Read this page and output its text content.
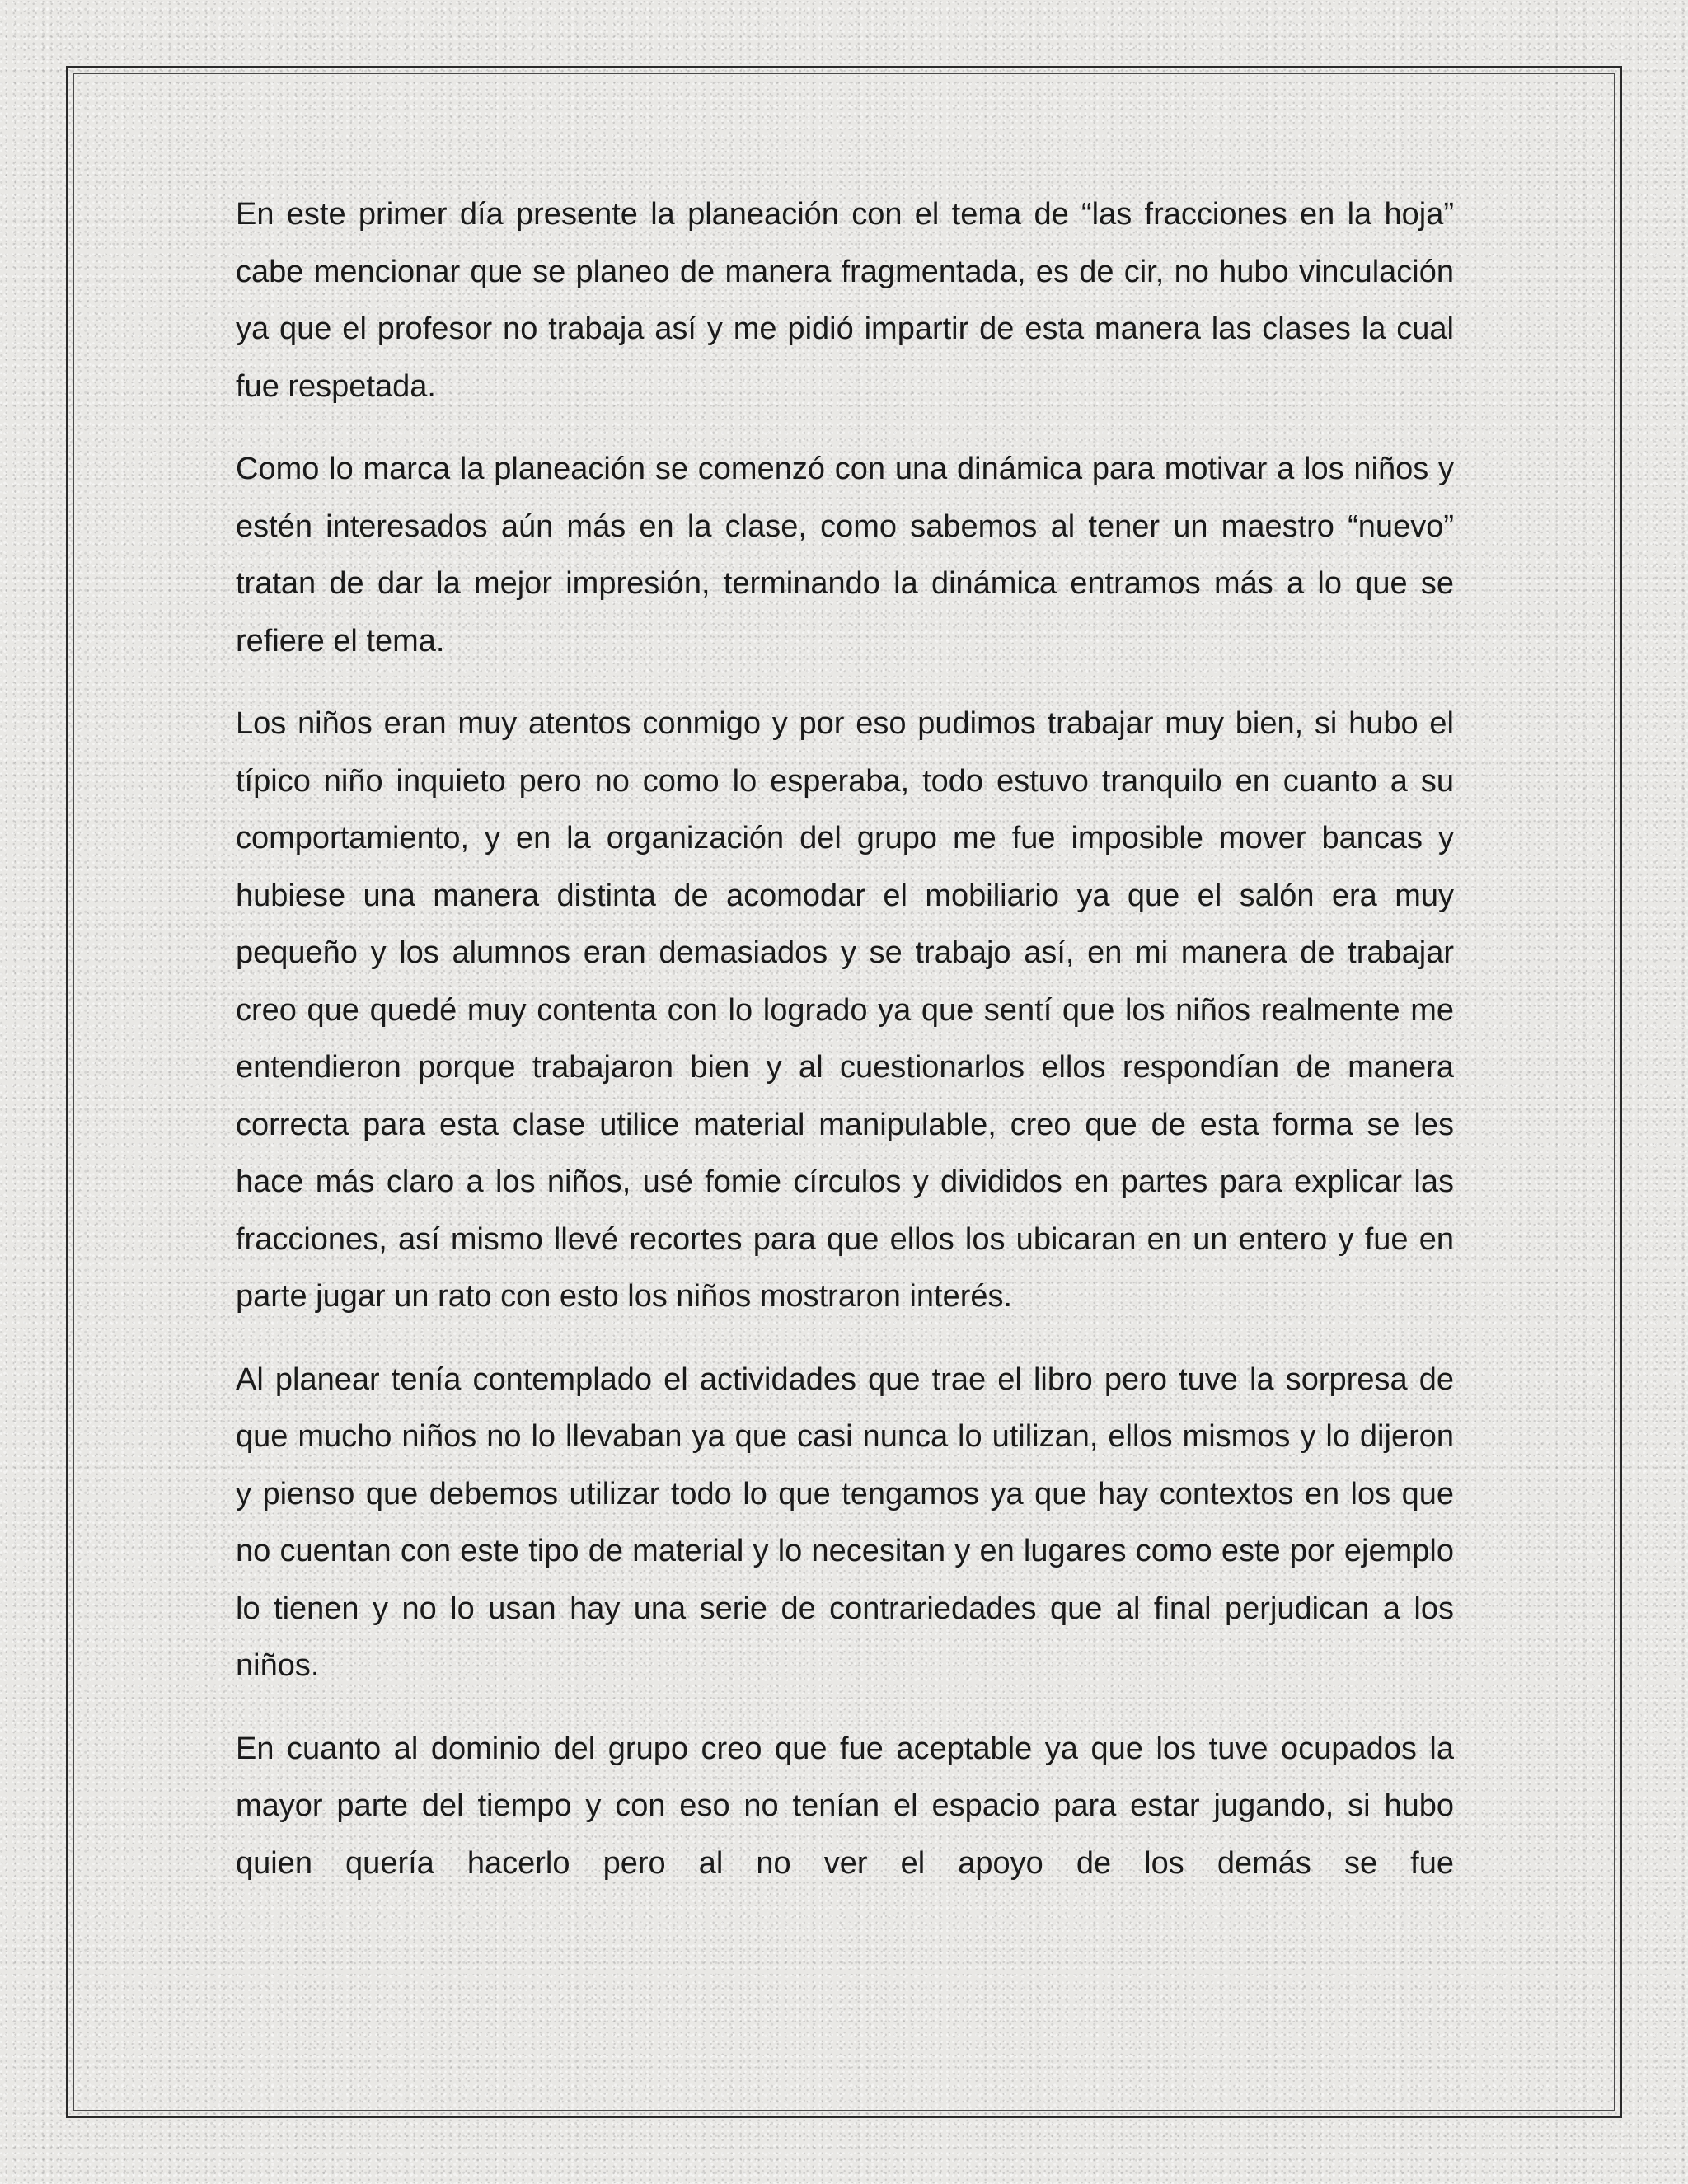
En este primer día presente la planeación con el tema de “las fracciones en la hoja” cabe mencionar que se planeo de manera fragmentada, es de cir, no hubo vinculación ya que el profesor no trabaja así y me pidió impartir de esta manera las clases la cual fue respetada.

Como lo marca la planeación se comenzó con una dinámica para motivar a los niños y estén interesados aún más en la clase, como sabemos al tener un maestro “nuevo” tratan de dar la mejor impresión, terminando la dinámica entramos más a lo que se refiere el tema.

Los niños eran muy atentos conmigo y por eso pudimos trabajar muy bien, si hubo el típico niño inquieto pero no como lo esperaba, todo estuvo tranquilo en cuanto a su comportamiento, y en la organización del grupo me fue imposible mover bancas y hubiese una manera distinta de acomodar el mobiliario ya que el salón era muy pequeño y los alumnos eran demasiados y se trabajo así, en mi manera de trabajar creo que quedé muy contenta con lo logrado ya que sentí que los niños realmente me entendieron porque trabajaron bien y al cuestionarlos ellos respondían de manera correcta para esta clase utilice material manipulable, creo que de esta forma se les hace más claro a los niños, usé fomie círculos y divididos en partes para explicar las fracciones, así mismo llevé recortes para que ellos los ubicaran en un entero y fue en parte jugar un rato con esto los niños mostraron interés.

Al planear tenía contemplado el actividades que trae el libro pero tuve la sorpresa de que mucho niños no lo llevaban ya que casi nunca lo utilizan, ellos mismos y lo dijeron y pienso que debemos utilizar todo lo que tengamos ya que hay contextos en los que no cuentan con este tipo de material y lo necesitan y en lugares como este por ejemplo lo tienen y no lo usan hay una serie de contrariedades que al final perjudican a los niños.

En cuanto al dominio del grupo creo que fue aceptable ya que los tuve ocupados la mayor parte del tiempo y con eso no tenían el espacio para estar jugando, si hubo quien quería hacerlo pero al no ver el apoyo de los demás se fue
